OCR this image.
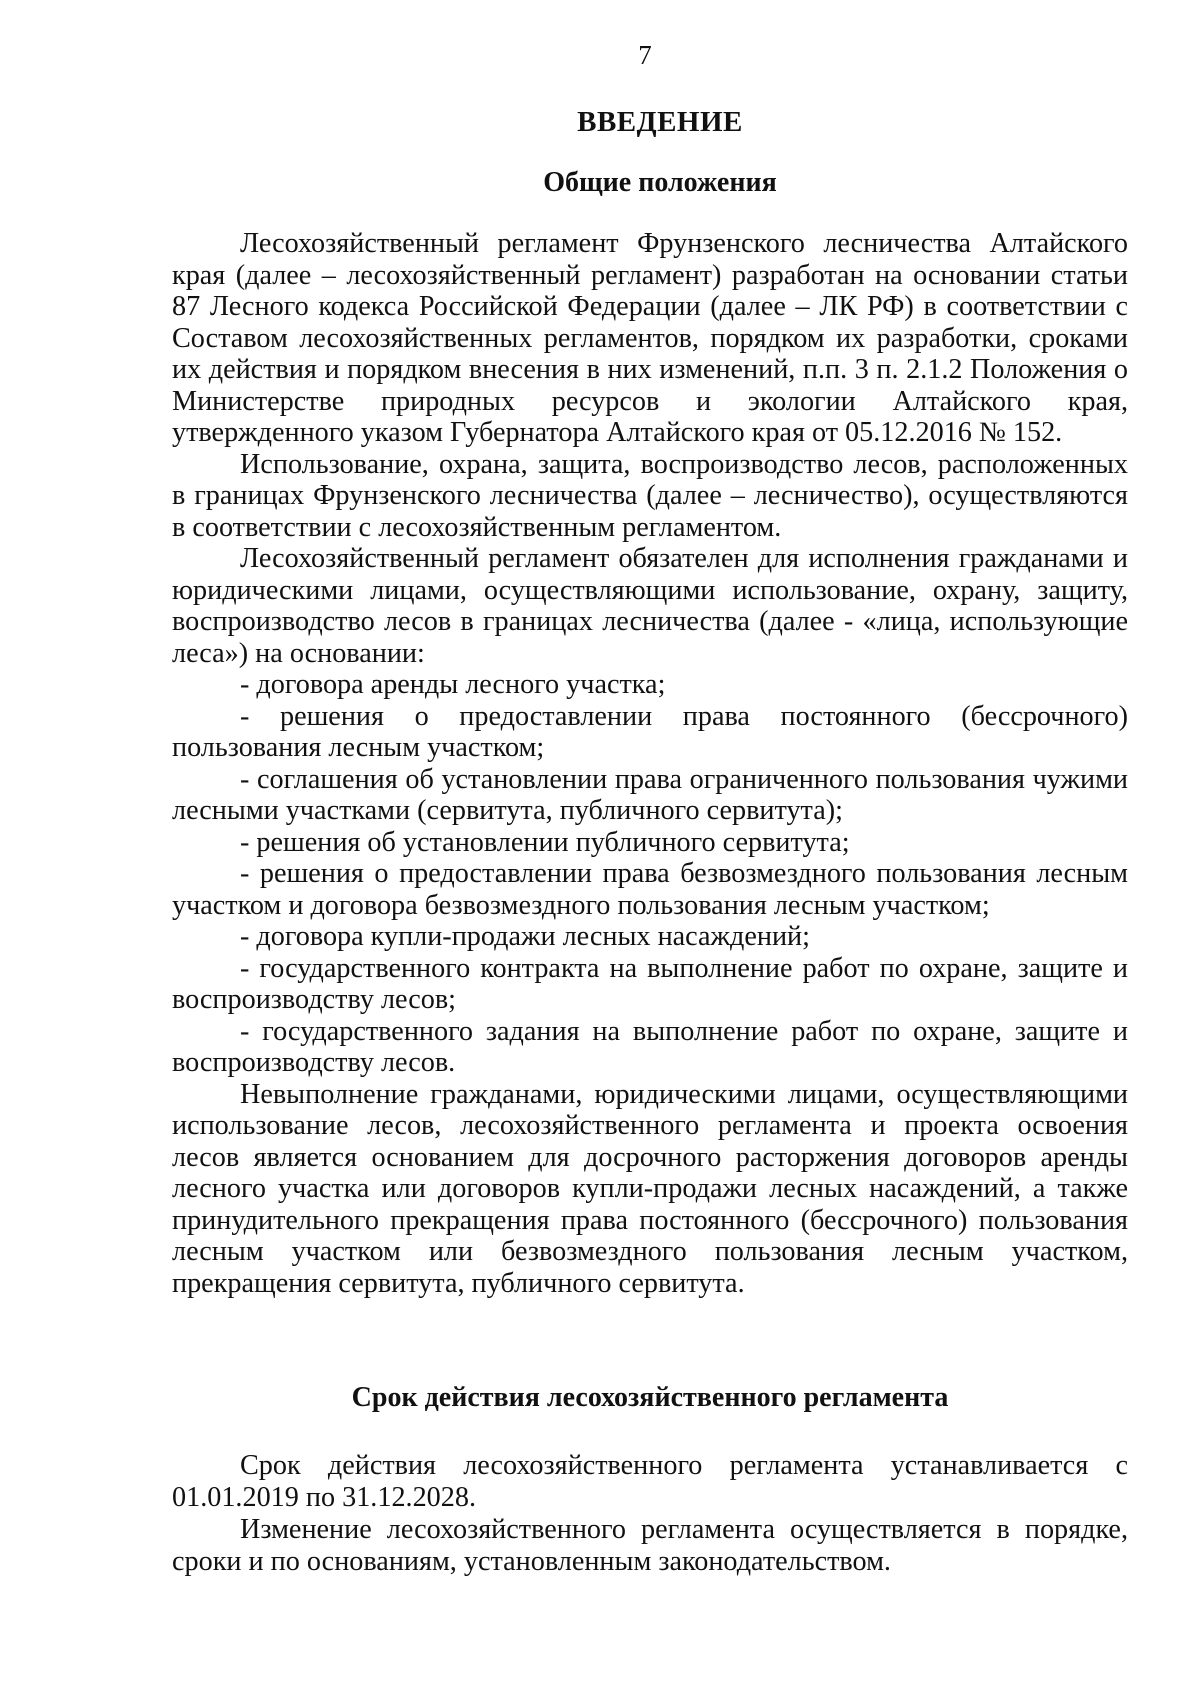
7
ВВЕДЕНИЕ
Общие положения

Лесохозяйственный регламент Фрунзенского лесничества Алтайского края (далее – лесохозяйственный регламент) разработан на основании статьи 87 Лесного кодекса Российской Федерации (далее – ЛК РФ) в соответствии с Составом лесохозяйственных регламентов, порядком их разработки, сроками их действия и порядком внесения в них изменений, п.п. 3 п. 2.1.2 Положения о Министерстве природных ресурсов и экологии Алтайского края, утвержденного указом Губернатора Алтайского края от 05.12.2016 № 152.

Использование, охрана, защита, воспроизводство лесов, расположенных в границах Фрунзенского лесничества (далее – лесничество), осуществляются в соответствии с лесохозяйственным регламентом.

Лесохозяйственный регламент обязателен для исполнения гражданами и юридическими лицами, осуществляющими использование, охрану, защиту, воспроизводство лесов в границах лесничества (далее - «лица, использующие леса») на основании:

- договора аренды лесного участка;

- решения о предоставлении права постоянного (бессрочного) пользования лесным участком;

- соглашения об установлении права ограниченного пользования чужими лесными участками (сервитута, публичного сервитута);

- решения об установлении публичного сервитута;

- решения о предоставлении права безвозмездного пользования лесным участком и договора безвозмездного пользования лесным участком;

- договора купли-продажи лесных насаждений;

- государственного контракта на выполнение работ по охране, защите и воспроизводству лесов;

- государственного задания на выполнение работ по охране, защите и воспроизводству лесов.

Невыполнение гражданами, юридическими лицами, осуществляющими использование лесов, лесохозяйственного регламента и проекта освоения лесов является основанием для досрочного расторжения договоров аренды лесного участка или договоров купли-продажи лесных насаждений, а также принудительного прекращения права постоянного (бессрочного) пользования лесным участком или безвозмездного пользования лесным участком, прекращения сервитута, публичного сервитута.

Срок действия лесохозяйственного регламента

Срок действия лесохозяйственного регламента устанавливается с 01.01.2019 по 31.12.2028.

Изменение лесохозяйственного регламента осуществляется в порядке, сроки и по основаниям, установленным законодательством.
